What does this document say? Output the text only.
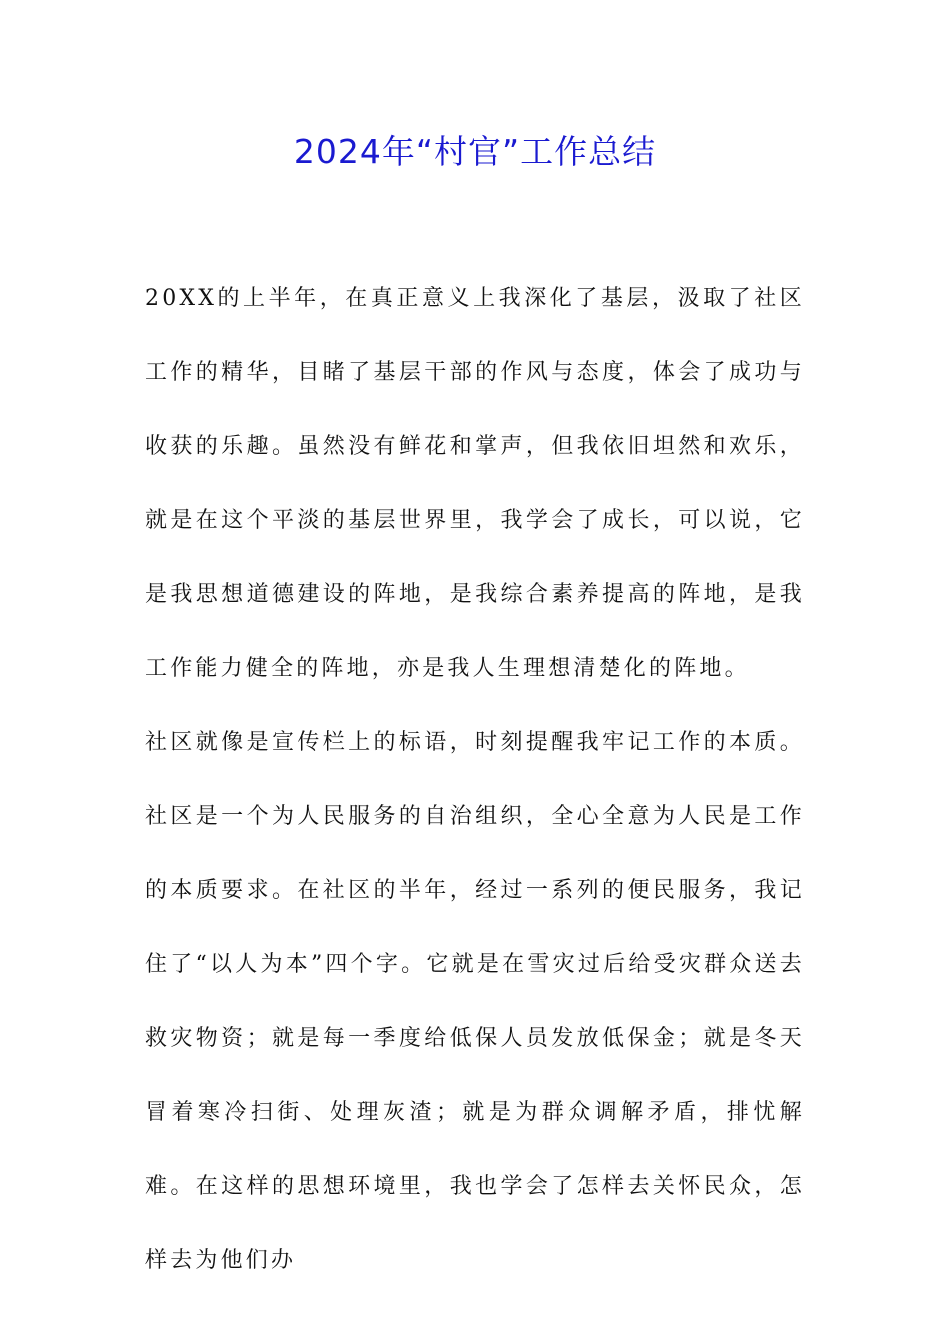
2024年“村官”工作总结

20XX的上半年，在真正意义上我深化了基层，汲取了社区工作的精华，目睹了基层干部的作风与态度，体会了成功与收获的乐趣。虽然没有鲜花和掌声，但我依旧坦然和欢乐，就是在这个平淡的基层世界里，我学会了成长，可以说，它是我思想道德建设的阵地，是我综合素养提高的阵地，是我工作能力健全的阵地，亦是我人生理想清楚化的阵地。

社区就像是宣传栏上的标语，时刻提醒我牢记工作的本质。社区是一个为人民服务的自治组织，全心全意为人民是工作的本质要求。在社区的半年，经过一系列的便民服务，我记住了“以人为本”四个字。它就是在雪灾过后给受灾群众送去救灾物资；就是每一季度给低保人员发放低保金；就是冬天冒着寒冷扫街、处理灰渣；就是为群众调解矛盾，排忧解难。在这样的思想环境里，我也学会了怎样去关怀民众，怎样去为他们办
